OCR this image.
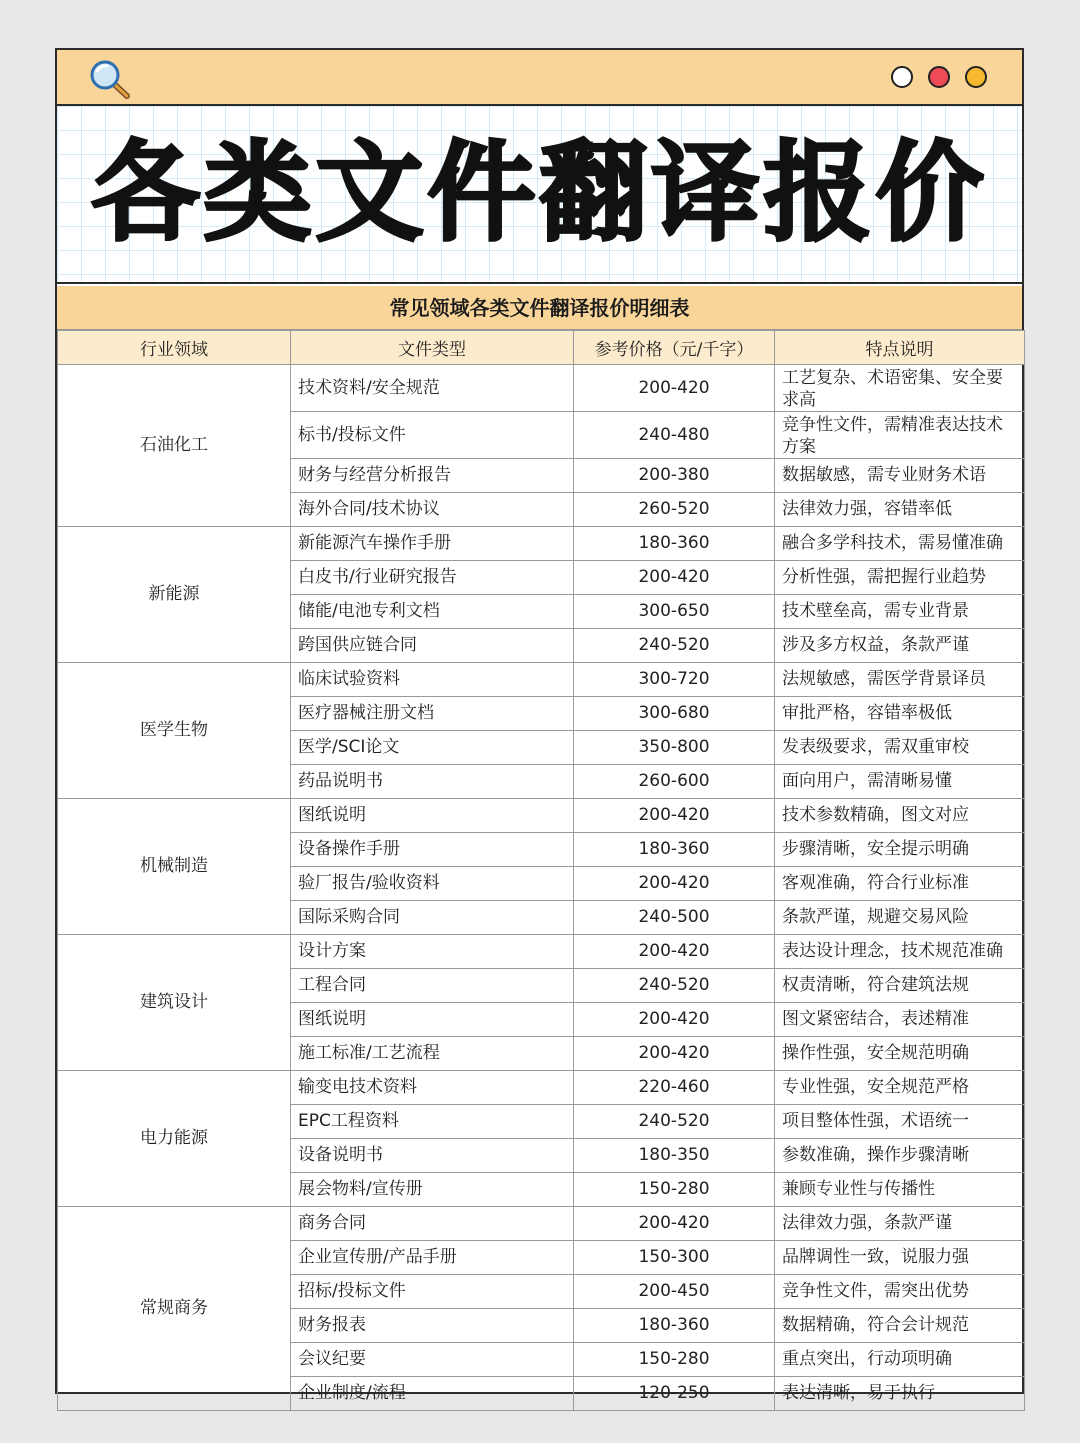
各类文件翻译报价
常见领域各类文件翻译报价明细表
行业领域	文件类型	参考价格（元/千字）	特点说明
石油化工	技术资料/安全规范	200-420	工艺复杂、术语密集、安全要求高
	标书/投标文件	240-480	竞争性文件，需精准表达技术方案
	财务与经营分析报告	200-380	数据敏感，需专业财务术语
	海外合同/技术协议	260-520	法律效力强，容错率低
新能源	新能源汽车操作手册	180-360	融合多学科技术，需易懂准确
	白皮书/行业研究报告	200-420	分析性强，需把握行业趋势
	储能/电池专利文档	300-650	技术壁垒高，需专业背景
	跨国供应链合同	240-520	涉及多方权益，条款严谨
医学生物	临床试验资料	300-720	法规敏感，需医学背景译员
	医疗器械注册文档	300-680	审批严格，容错率极低
	医学/SCI论文	350-800	发表级要求，需双重审校
	药品说明书	260-600	面向用户，需清晰易懂
机械制造	图纸说明	200-420	技术参数精确，图文对应
	设备操作手册	180-360	步骤清晰，安全提示明确
	验厂报告/验收资料	200-420	客观准确，符合行业标准
	国际采购合同	240-500	条款严谨，规避交易风险
建筑设计	设计方案	200-420	表达设计理念，技术规范准确
	工程合同	240-520	权责清晰，符合建筑法规
	图纸说明	200-420	图文紧密结合，表述精准
	施工标准/工艺流程	200-420	操作性强，安全规范明确
电力能源	输变电技术资料	220-460	专业性强，安全规范严格
	EPC工程资料	240-520	项目整体性强，术语统一
	设备说明书	180-350	参数准确，操作步骤清晰
	展会物料/宣传册	150-280	兼顾专业性与传播性
常规商务	商务合同	200-420	法律效力强，条款严谨
	企业宣传册/产品手册	150-300	品牌调性一致，说服力强
	招标/投标文件	200-450	竞争性文件，需突出优势
	财务报表	180-360	数据精确，符合会计规范
	会议纪要	150-280	重点突出，行动项明确
	企业制度/流程	120-250	表达清晰，易于执行
